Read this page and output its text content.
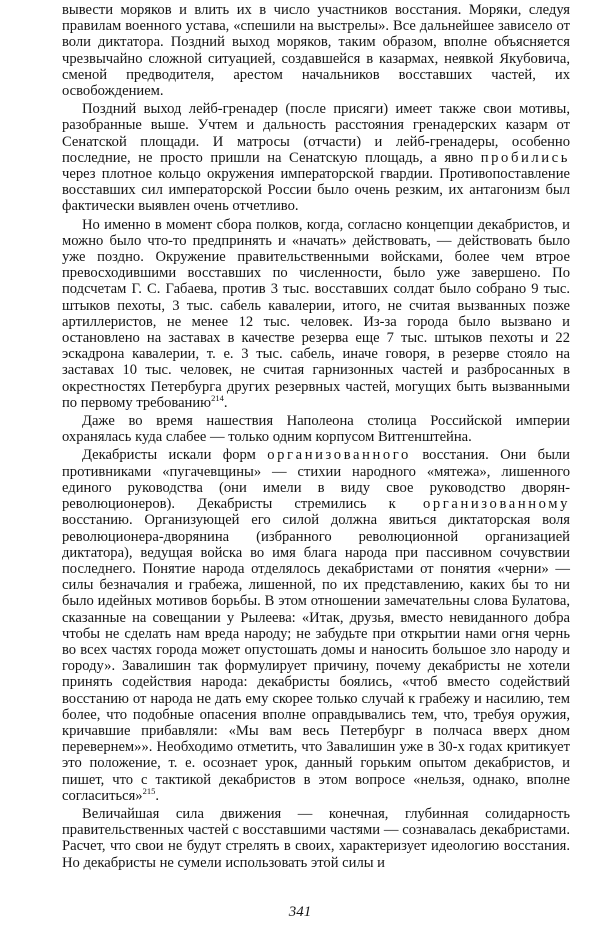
вывести моряков и влить их в число участников восстания. Моряки, следуя правилам военного устава, «спешили на выстрелы». Все дальнейшее зависело от воли диктатора. Поздний выход моряков, таким образом, вполне объясняется чрезвычайно сложной ситуацией, создавшейся в казармах, неявкой Якубовича, сменой предводителя, арестом начальников восставших частей, их освобождением.

Поздний выход лейб-гренадер (после присяги) имеет также свои мотивы, разобранные выше. Учтем и дальность расстояния гренадерских казарм от Сенатской площади. И матросы (отчасти) и лейб-гренадеры, особенно последние, не просто пришли на Сенатскую площадь, а явно пробились через плотное кольцо окружения императорской гвардии. Противопоставление восставших сил императорской России было очень резким, их антагонизм был фактически выявлен очень отчетливо.

Но именно в момент сбора полков, когда, согласно концепции декабристов, и можно было что-то предпринять и «начать» действовать, — действовать было уже поздно. Окружение правительственными войсками, более чем втрое превосходившими восставших по численности, было уже завершено. По подсчетам Г. С. Габаева, против 3 тыс. восставших солдат было собрано 9 тыс. штыков пехоты, 3 тыс. сабель кавалерии, итого, не считая вызванных позже артиллеристов, не менее 12 тыс. человек. Из-за города было вызвано и остановлено на заставах в качестве резерва еще 7 тыс. штыков пехоты и 22 эскадрона кавалерии, т. е. 3 тыс. сабель, иначе говоря, в резерве стояло на заставах 10 тыс. человек, не считая гарнизонных частей и разбросанных в окрестностях Петербурга других резервных частей, могущих быть вызванными по первому требованию$^{214}$.

Даже во время нашествия Наполеона столица Российской империи охранялась куда слабее — только одним корпусом Витгенштейна.

Декабристы искали форм организованного восстания. Они были противниками «пугачевщины» — стихии народного «мятежа», лишенного единого руководства (они имели в виду свое руководство дворян-революционеров). Декабристы стремились к организованному восстанию. Организующей его силой должна явиться диктаторская воля революционера-дворянина (избранного революционной организацией диктатора), ведущая войска во имя блага народа при пассивном сочувствии последнего. Понятие народа отделялось декабристами от понятия «черни» — силы безначалия и грабежа, лишенной, по их представлению, каких бы то ни было идейных мотивов борьбы. В этом отношении замечательны слова Булатова, сказанные на совещании у Рылеева: «Итак, друзья, вместо невиданного добра чтобы не сделать нам вреда народу; не забудьте при открытии нами огня чернь во всех частях города может опустошать домы и наносить большое зло народу и городу». Завалишин так формулирует причину, почему декабристы не хотели принять содействия народа: декабристы боялись, «чтоб вместо содействий восстанию от народа не дать ему скорее только случай к грабежу и насилию, тем более, что подобные опасения вполне оправдывались тем, что, требуя оружия, кричавшие прибавляли: «Мы вам весь Петербург в полчаса вверх дном перевернем»». Необходимо отметить, что Завалишин уже в 30-х годах критикует это положение, т. е. осознает урок, данный горьким опытом декабристов, и пишет, что с тактикой декабристов в этом вопросе «нельзя, однако, вполне согласиться»$^{215}$.

Величайшая сила движения — конечная, глубинная солидарность правительственных частей с восставшими частями — сознавалась декабристами. Расчет, что свои не будут стрелять в своих, характеризует идеологию восстания. Но декабристы не сумели использовать этой силы и

341
